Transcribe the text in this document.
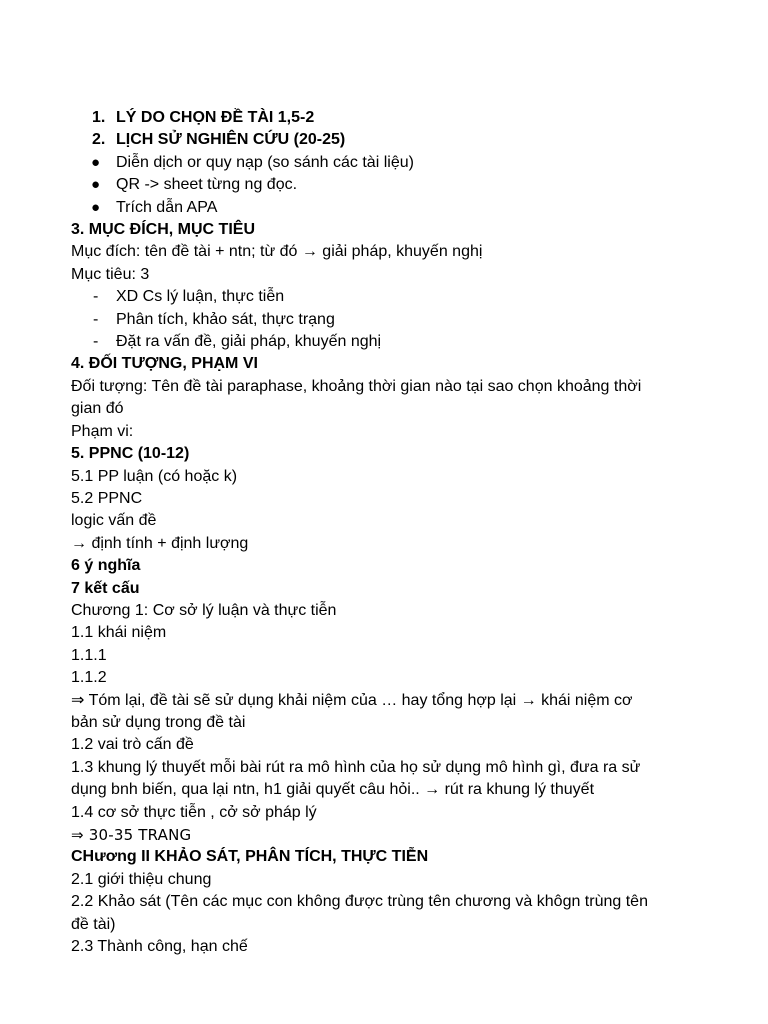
1. LÝ DO CHỌN ĐỀ TÀI 1,5-2
2. LỊCH SỬ NGHIÊN CỨU (20-25)
● Diễn dịch or quy nạp (so sánh các tài liệu)
● QR -> sheet từng ng đọc.
● Trích dẫn APA
3. MỤC ĐÍCH, MỤC TIÊU
Mục đích: tên đề tài + ntn; từ đó → giải pháp, khuyến nghị
Mục tiêu: 3
-	XD Cs lý luận, thực tiễn
-	Phân tích, khảo sát, thực trạng
-	Đặt ra vấn đề, giải pháp, khuyến nghị
4. ĐỐI TƯỢNG, PHẠM VI
Đối tượng: Tên đề tài paraphase, khoảng thời gian nào tại sao chọn khoảng thời
gian đó
Phạm vi:
5. PPNC (10-12)
5.1 PP luận (có hoặc k)
5.2 PPNC
logic vấn đề
→ định tính + định lượng
6 ý nghĩa
7 kết cấu
Chương 1: Cơ sở lý luận và thực tiễn
1.1 khái niệm
1.1.1
1.1.2
⇒ Tóm lại, đề tài sẽ sử dụng khải niệm của … hay tổng hợp lại → khái niệm cơ
bản sử dụng trong đề tài
1.2 vai trò cấn đề
1.3 khung lý thuyết mỗi bài rút ra mô hình của họ sử dụng mô hình gì, đưa ra sử
dụng bnh biến, qua lại ntn, h1 giải quyết câu hỏi.. → rút ra khung lý thuyết
1.4 cơ sở thực tiễn , cở sở pháp lý
⇒ 30-35 TRANG
CHương II KHẢO SÁT, PHÂN TÍCH, THỰC TIỄN
2.1 giới thiệu chung
2.2 Khảo sát (Tên các mục con không được trùng tên chương và khôgn trùng tên
đề tài)
2.3 Thành công, hạn chế
